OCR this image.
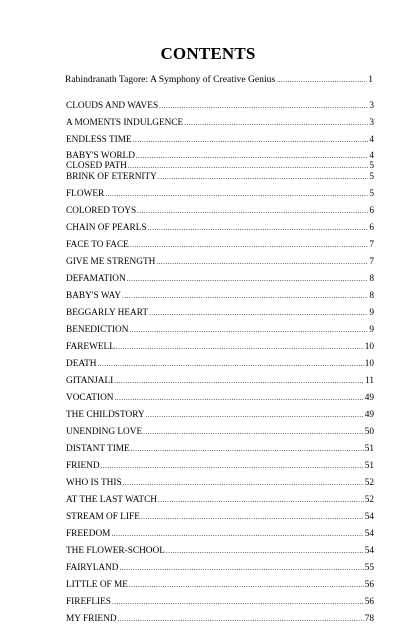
CONTENTS
Rabindranath Tagore: A Symphony of Creative Genius .....	1
CLOUDS AND WAVES .....	3
A MOMENTS INDULGENCE .....	3
ENDLESS TIME .....	4
BABY'S WORLD .....	4
CLOSED PATH .....	5
BRINK OF ETERNITY .....	5
FLOWER .....	5
COLORED TOYS .....	6
CHAIN OF PEARLS .....	6
FACE TO FACE .....	7
GIVE ME STRENGTH .....	7
DEFAMATION .....	8
BABY'S WAY .....	8
BEGGARLY HEART .....	9
BENEDICTION .....	9
FAREWELL .....	10
DEATH .....	10
GITANJALI .....	11
VOCATION .....	49
THE CHILDSTORY .....	49
UNENDING LOVE .....	50
DISTANT TIME .....	51
FRIEND .....	51
WHO IS THIS .....	52
AT THE LAST WATCH .....	52
STREAM OF LIFE .....	54
FREEDOM .....	54
THE FLOWER-SCHOOL .....	54
FAIRYLAND .....	55
LITTLE OF ME .....	56
FIREFLIES .....	56
MY FRIEND .....	78
